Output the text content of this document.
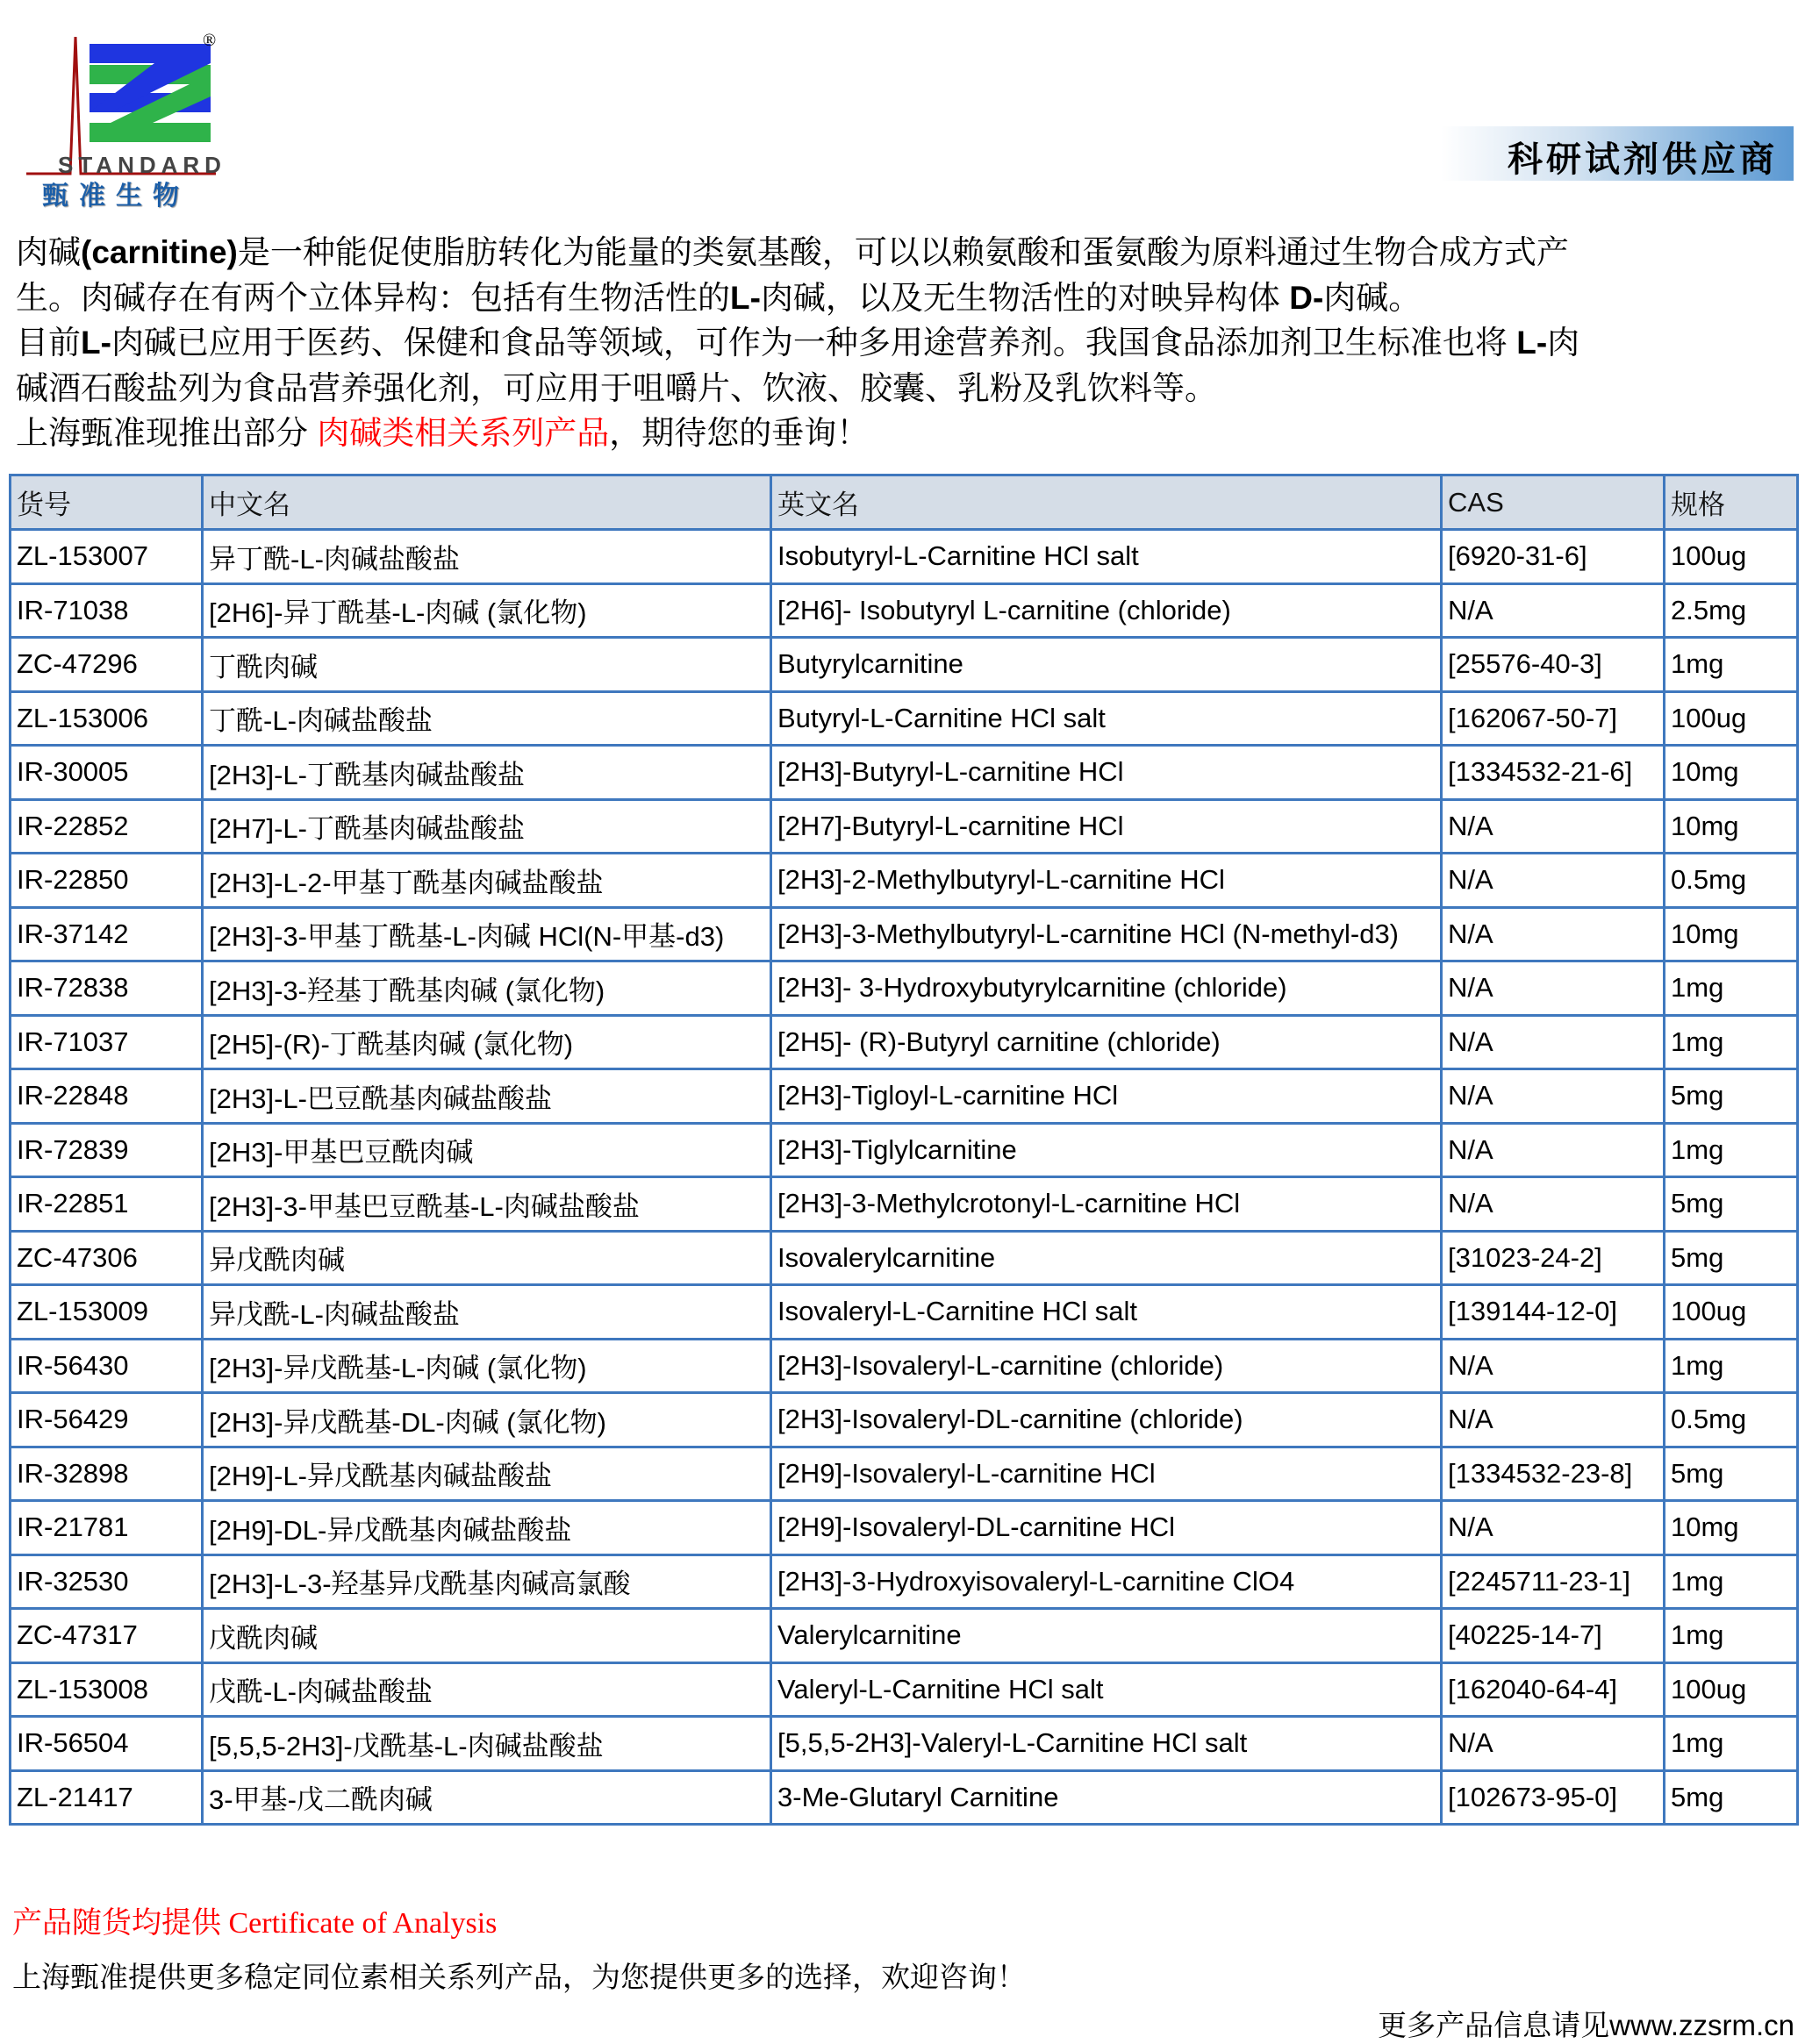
®
STANDARD
甄准生物
科研试剂供应商

肉碱(carnitine)是一种能促使脂肪转化为能量的类氨基酸，可以以赖氨酸和蛋氨酸为原料通过生物合成方式产

生。肉碱存在有两个立体异构：包括有生物活性的L-肉碱，以及无生物活性的对映异构体 D-肉碱。

目前L-肉碱已应用于医药、保健和食品等领域，可作为一种多用途营养剂。我国食品添加剂卫生标准也将 L-肉

碱酒石酸盐列为食品营养强化剂，可应用于咀嚼片、饮液、胶囊、乳粉及乳饮料等。

上海甄准现推出部分 肉碱类相关系列产品，期待您的垂询！

货号	中文名	英文名	CAS	规格
ZL-153007	异丁酰-L-肉碱盐酸盐	Isobutyryl-L-Carnitine HCl salt	[6920-31-6]	100ug
IR-71038	[2H6]-异丁酰基-L-肉碱 (氯化物)	[2H6]- Isobutyryl L-carnitine (chloride)	N/A	2.5mg
ZC-47296	丁酰肉碱	Butyrylcarnitine	[25576-40-3]	1mg
ZL-153006	丁酰-L-肉碱盐酸盐	Butyryl-L-Carnitine HCl salt	[162067-50-7]	100ug
IR-30005	[2H3]-L-丁酰基肉碱盐酸盐	[2H3]-Butyryl-L-carnitine HCl	[1334532-21-6]	10mg
IR-22852	[2H7]-L-丁酰基肉碱盐酸盐	[2H7]-Butyryl-L-carnitine HCl	N/A	10mg
IR-22850	[2H3]-L-2-甲基丁酰基肉碱盐酸盐	[2H3]-2-Methylbutyryl-L-carnitine HCl	N/A	0.5mg
IR-37142	[2H3]-3-甲基丁酰基-L-肉碱 HCl(N-甲基-d3)	[2H3]-3-Methylbutyryl-L-carnitine HCl (N-methyl-d3)	N/A	10mg
IR-72838	[2H3]-3-羟基丁酰基肉碱 (氯化物)	[2H3]- 3-Hydroxybutyrylcarnitine (chloride)	N/A	1mg
IR-71037	[2H5]-(R)-丁酰基肉碱 (氯化物)	[2H5]- (R)-Butyryl carnitine (chloride)	N/A	1mg
IR-22848	[2H3]-L-巴豆酰基肉碱盐酸盐	[2H3]-Tigloyl-L-carnitine HCl	N/A	5mg
IR-72839	[2H3]-甲基巴豆酰肉碱	[2H3]-Tiglylcarnitine	N/A	1mg
IR-22851	[2H3]-3-甲基巴豆酰基-L-肉碱盐酸盐	[2H3]-3-Methylcrotonyl-L-carnitine HCl	N/A	5mg
ZC-47306	异戊酰肉碱	Isovalerylcarnitine	[31023-24-2]	5mg
ZL-153009	异戊酰-L-肉碱盐酸盐	Isovaleryl-L-Carnitine HCl salt	[139144-12-0]	100ug
IR-56430	[2H3]-异戊酰基-L-肉碱 (氯化物)	[2H3]-Isovaleryl-L-carnitine (chloride)	N/A	1mg
IR-56429	[2H3]-异戊酰基-DL-肉碱 (氯化物)	[2H3]-Isovaleryl-DL-carnitine (chloride)	N/A	0.5mg
IR-32898	[2H9]-L-异戊酰基肉碱盐酸盐	[2H9]-Isovaleryl-L-carnitine HCl	[1334532-23-8]	5mg
IR-21781	[2H9]-DL-异戊酰基肉碱盐酸盐	[2H9]-Isovaleryl-DL-carnitine HCl	N/A	10mg
IR-32530	[2H3]-L-3-羟基异戊酰基肉碱高氯酸	[2H3]-3-Hydroxyisovaleryl-L-carnitine ClO4	[2245711-23-1]	1mg
ZC-47317	戊酰肉碱	Valerylcarnitine	[40225-14-7]	1mg
ZL-153008	戊酰-L-肉碱盐酸盐	Valeryl-L-Carnitine HCl salt	[162040-64-4]	100ug
IR-56504	[5,5,5-2H3]-戊酰基-L-肉碱盐酸盐	[5,5,5-2H3]-Valeryl-L-Carnitine HCl salt	N/A	1mg
ZL-21417	3-甲基-戊二酰肉碱	3-Me-Glutaryl Carnitine	[102673-95-0]	5mg
产品随货均提供 Certificate of Analysis
上海甄准提供更多稳定同位素相关系列产品，为您提供更多的选择，欢迎咨询！
更多产品信息请见www.zzsrm.cn
